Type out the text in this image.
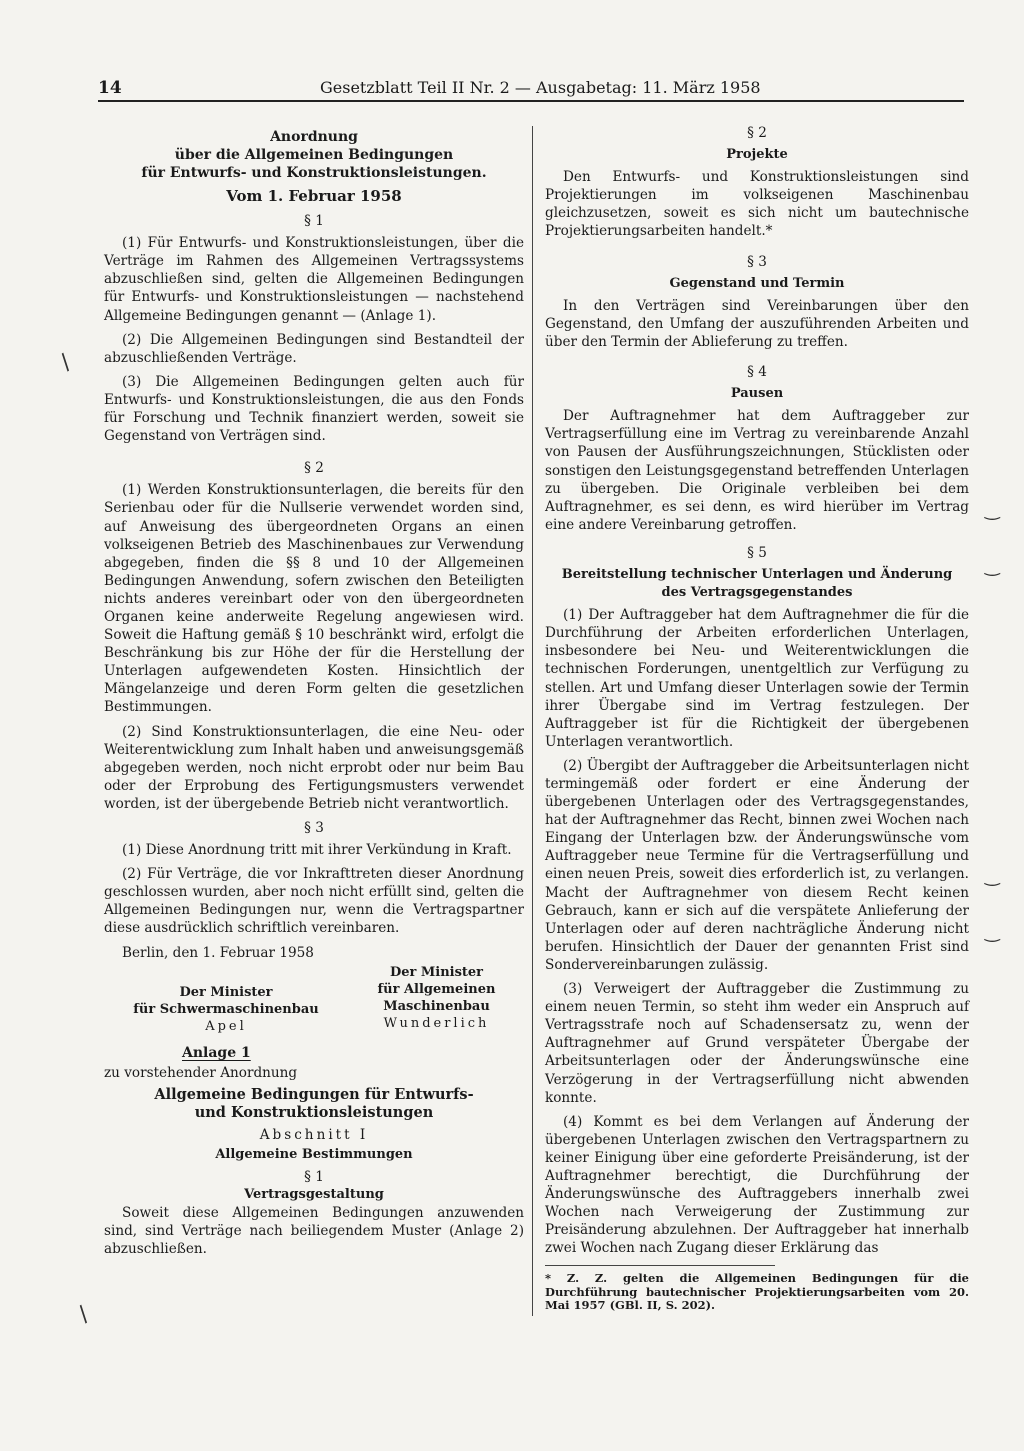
14	Gesetzblatt Teil II Nr. 2 — Ausgabetag: 11. März 1958
/
/
‿
‿
‿
‿
Anordnung
über die Allgemeinen Bedingungen
für Entwurfs- und Konstruktionsleistungen.
Vom 1. Februar 1958
§ 1

(1) Für Entwurfs- und Konstruktionsleistungen, über die Verträge im Rahmen des Allgemeinen Vertragssystems abzuschließen sind, gelten die Allgemeinen Bedingungen für Entwurfs- und Konstruktionsleistungen — nachstehend Allgemeine Bedingungen genannt — (Anlage 1).

(2) Die Allgemeinen Bedingungen sind Bestandteil der abzuschließenden Verträge.

(3) Die Allgemeinen Bedingungen gelten auch für Entwurfs- und Konstruktionsleistungen, die aus den Fonds für Forschung und Technik finanziert werden, soweit sie Gegenstand von Verträgen sind.

§ 2

(1) Werden Konstruktionsunterlagen, die bereits für den Serienbau oder für die Nullserie verwendet worden sind, auf Anweisung des übergeordneten Organs an einen volkseigenen Betrieb des Maschinenbaues zur Verwendung abgegeben, finden die §§ 8 und 10 der Allgemeinen Bedingungen Anwendung, sofern zwischen den Beteiligten nichts anderes vereinbart oder von den übergeordneten Organen keine anderweite Regelung angewiesen wird. Soweit die Haftung gemäß § 10 beschränkt wird, erfolgt die Beschränkung bis zur Höhe der für die Herstellung der Unterlagen aufgewendeten Kosten. Hinsichtlich der Mängelanzeige und deren Form gelten die gesetzlichen Bestimmungen.

(2) Sind Konstruktionsunterlagen, die eine Neu- oder Weiterentwicklung zum Inhalt haben und anweisungsgemäß abgegeben werden, noch nicht erprobt oder nur beim Bau oder der Erprobung des Fertigungsmusters verwendet worden, ist der übergebende Betrieb nicht verantwortlich.

§ 3

(1) Diese Anordnung tritt mit ihrer Verkündung in Kraft.

(2) Für Verträge, die vor Inkrafttreten dieser Anordnung geschlossen wurden, aber noch nicht erfüllt sind, gelten die Allgemeinen Bedingungen nur, wenn die Vertragspartner diese ausdrücklich schriftlich vereinbaren.

Berlin, den 1. Februar 1958

Der Minister
für Schwermaschinenbau
Apel
Der Minister
für Allgemeinen
Maschinenbau
Wunderlich
Anlage 1
zu vorstehender Anordnung
Allgemeine Bedingungen für Entwurfs-
und Konstruktionsleistungen
Abschnitt I
Allgemeine Bestimmungen
§ 1
Vertragsgestaltung

Soweit diese Allgemeinen Bedingungen anzuwenden sind, sind Verträge nach beiliegendem Muster (Anlage 2) abzuschließen.

§ 2
Projekte

Den Entwurfs- und Konstruktionsleistungen sind Projektierungen im volkseigenen Maschinenbau gleichzusetzen, soweit es sich nicht um bautechnische Projektierungsarbeiten handelt.*

§ 3
Gegenstand und Termin

In den Verträgen sind Vereinbarungen über den Gegenstand, den Umfang der auszuführenden Arbeiten und über den Termin der Ablieferung zu treffen.

§ 4
Pausen

Der Auftragnehmer hat dem Auftraggeber zur Vertragserfüllung eine im Vertrag zu vereinbarende Anzahl von Pausen der Ausführungszeichnungen, Stücklisten oder sonstigen den Leistungsgegenstand betreffenden Unterlagen zu übergeben. Die Originale verbleiben bei dem Auftragnehmer, es sei denn, es wird hierüber im Vertrag eine andere Vereinbarung getroffen.

§ 5
Bereitstellung technischer Unterlagen und Änderung
des Vertragsgegenstandes

(1) Der Auftraggeber hat dem Auftragnehmer die für die Durchführung der Arbeiten erforderlichen Unterlagen, insbesondere bei Neu- und Weiterentwicklungen die technischen Forderungen, unentgeltlich zur Verfügung zu stellen. Art und Umfang dieser Unterlagen sowie der Termin ihrer Übergabe sind im Vertrag festzulegen. Der Auftraggeber ist für die Richtigkeit der übergebenen Unterlagen verantwortlich.

(2) Übergibt der Auftraggeber die Arbeitsunterlagen nicht termingemäß oder fordert er eine Änderung der übergebenen Unterlagen oder des Vertragsgegenstandes, hat der Auftragnehmer das Recht, binnen zwei Wochen nach Eingang der Unterlagen bzw. der Änderungswünsche vom Auftraggeber neue Termine für die Vertragserfüllung und einen neuen Preis, soweit dies erforderlich ist, zu verlangen. Macht der Auftragnehmer von diesem Recht keinen Gebrauch, kann er sich auf die verspätete Anlieferung der Unterlagen oder auf deren nachträgliche Änderung nicht berufen. Hinsichtlich der Dauer der genannten Frist sind Sondervereinbarungen zulässig.

(3) Verweigert der Auftraggeber die Zustimmung zu einem neuen Termin, so steht ihm weder ein Anspruch auf Vertragsstrafe noch auf Schadensersatz zu, wenn der Auftragnehmer auf Grund verspäteter Übergabe der Arbeitsunterlagen oder der Änderungswünsche eine Verzögerung in der Vertragserfüllung nicht abwenden konnte.

(4) Kommt es bei dem Verlangen auf Änderung der übergebenen Unterlagen zwischen den Vertragspartnern zu keiner Einigung über eine geforderte Preisänderung, ist der Auftragnehmer berechtigt, die Durchführung der Änderungswünsche des Auftraggebers innerhalb zwei Wochen nach Verweigerung der Zustimmung zur Preisänderung abzulehnen. Der Auftraggeber hat innerhalb zwei Wochen nach Zugang dieser Erklärung das

* Z. Z. gelten die Allgemeinen Bedingungen für die Durchführung bautechnischer Projektierungsarbeiten vom 20. Mai 1957 (GBl. II, S. 202).
